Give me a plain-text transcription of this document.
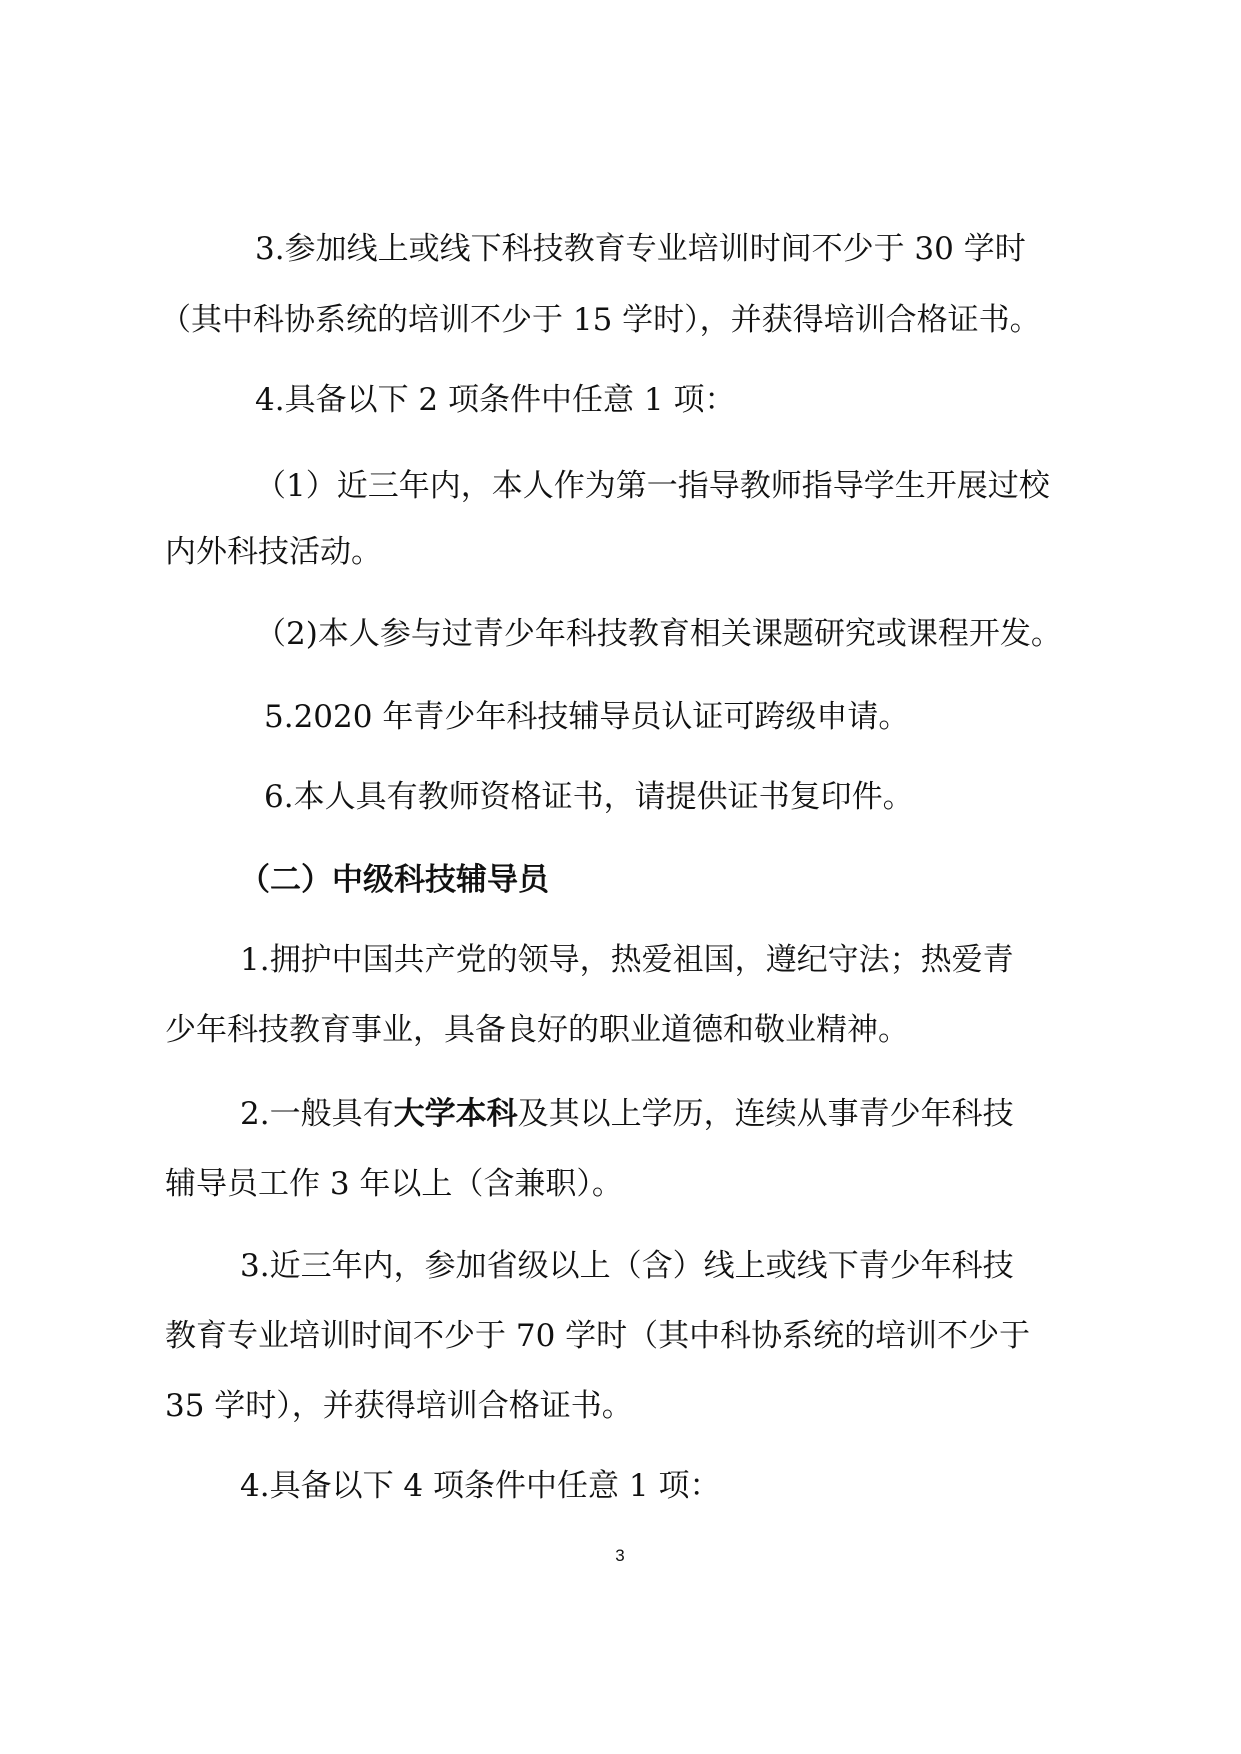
3.参加线上或线下科技教育专业培训时间不少于 30 学时
（其中科协系统的培训不少于 15 学时），并获得培训合格证书。
4.具备以下 2 项条件中任意 1 项：
（1）近三年内，本人作为第一指导教师指导学生开展过校
内外科技活动。
（2)本人参与过青少年科技教育相关课题研究或课程开发。
5.2020 年青少年科技辅导员认证可跨级申请。
6.本人具有教师资格证书，请提供证书复印件。
（二）中级科技辅导员
1.拥护中国共产党的领导，热爱祖国，遵纪守法；热爱青
少年科技教育事业，具备良好的职业道德和敬业精神。
2.一般具有大学本科及其以上学历，连续从事青少年科技
辅导员工作 3 年以上（含兼职）。
3.近三年内，参加省级以上（含）线上或线下青少年科技
教育专业培训时间不少于 70 学时（其中科协系统的培训不少于
35 学时），并获得培训合格证书。
4.具备以下 4 项条件中任意 1 项：
3
